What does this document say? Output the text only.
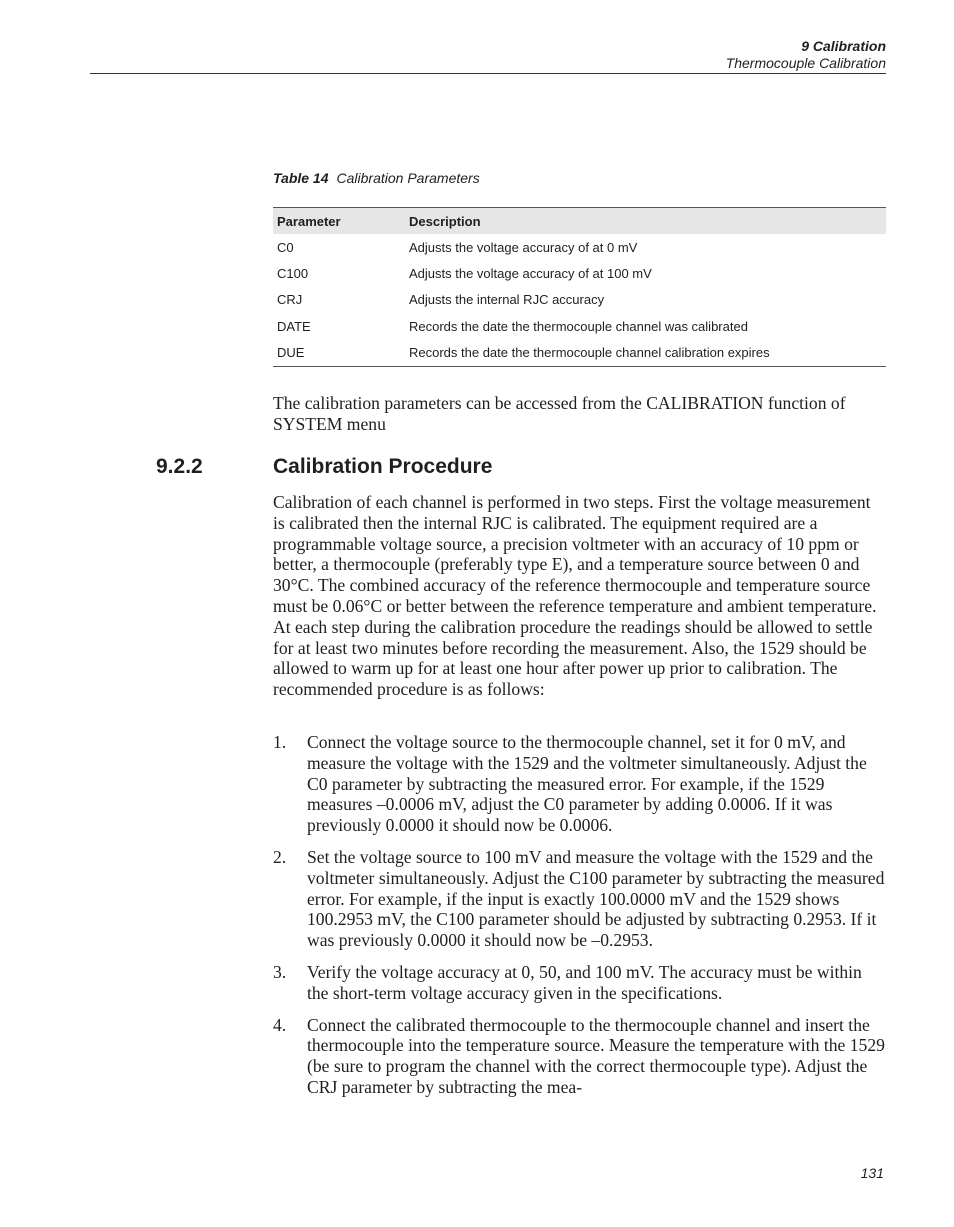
9 Calibration
Thermocouple Calibration
Table 14 Calibration Parameters
Parameter	Description
C0	Adjusts the voltage accuracy of at 0 mV
C100	Adjusts the voltage accuracy of at 100 mV
CRJ	Adjusts the internal RJC accuracy
DATE	Records the date the thermocouple channel was calibrated
DUE	Records the date the thermocouple channel calibration expires

The calibration parameters can be accessed from the CALIBRATION function of SYSTEM menu

9.2.2	Calibration Procedure

Calibration of each channel is performed in two steps. First the voltage measurement is calibrated then the internal RJC is calibrated. The equipment required are a programmable voltage source, a precision voltmeter with an accuracy of 10 ppm or better, a thermocouple (preferably type E), and a temperature source between 0 and 30°C. The combined accuracy of the reference thermocouple and temperature source must be 0.06°C or better between the reference temperature and ambient temperature. At each step during the calibration procedure the readings should be allowed to settle for at least two minutes before recording the measurement. Also, the 1529 should be allowed to warm up for at least one hour after power up prior to calibration. The recommended procedure is as follows:

1. Connect the voltage source to the thermocouple channel, set it for 0 mV, and measure the voltage with the 1529 and the voltmeter simultaneously. Adjust the C0 parameter by subtracting the measured error. For example, if the 1529 measures –0.0006 mV, adjust the C0 parameter by adding 0.0006. If it was previously 0.0000 it should now be 0.0006.
2. Set the voltage source to 100 mV and measure the voltage with the 1529 and the voltmeter simultaneously. Adjust the C100 parameter by subtracting the measured error. For example, if the input is exactly 100.0000 mV and the 1529 shows 100.2953 mV, the C100 parameter should be adjusted by subtracting 0.2953. If it was previously 0.0000 it should now be –0.2953.
3. Verify the voltage accuracy at 0, 50, and 100 mV. The accuracy must be within the short-term voltage accuracy given in the specifications.
4. Connect the calibrated thermocouple to the thermocouple channel and insert the thermocouple into the temperature source. Measure the temperature with the 1529 (be sure to program the channel with the correct thermocouple type). Adjust the CRJ parameter by subtracting the mea-
131
